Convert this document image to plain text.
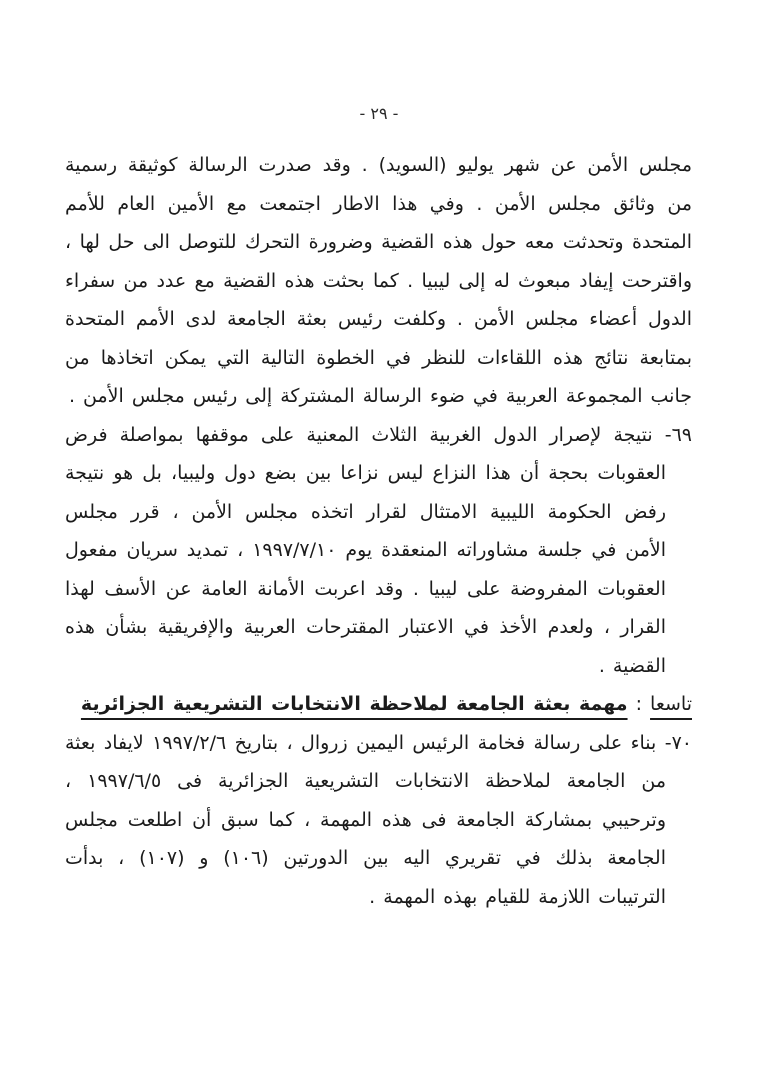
- ٢٩ -

مجلس الأمن عن شهر يوليو (السويد) . وقد صدرت الرسالة كوثيقة رسمية من وثائق مجلس الأمن . وفي هذا الاطار اجتمعت مع الأمين العام للأمم المتحدة وتحدثت معه حول هذه القضية وضرورة التحرك للتوصل الى حل لها ، واقترحت إيفاد مبعوث له إلى ليبيا . كما بحثت هذه القضية مع عدد من سفراء الدول أعضاء مجلس الأمن . وكلفت رئيس بعثة الجامعة لدى الأمم المتحدة بمتابعة نتائج هذه اللقاءات للنظر في الخطوة التالية التي يمكن اتخاذها من جانب المجموعة العربية في ضوء الرسالة المشتركة إلى رئيس مجلس الأمن .

٦٩- نتيجة لإصرار الدول الغربية الثلاث المعنية على موقفها بمواصلة فرض العقوبات بحجة أن هذا النزاع ليس نزاعا بين بضع دول وليبيا، بل هو نتيجة رفض الحكومة الليبية الامتثال لقرار اتخذه مجلس الأمن ، قرر مجلس الأمن في جلسة مشاوراته المنعقدة يوم ١٩٩٧/٧/١٠ ، تمديد سريان مفعول العقوبات المفروضة على ليبيا . وقد اعربت الأمانة العامة عن الأسف لهذا القرار ، ولعدم الأخذ في الاعتبار المقترحات العربية والإفريقية بشأن هذه القضية .

تاسعا : مهمة بعثة الجامعة لملاحظة الانتخابات التشريعية الجزائرية

٧٠- بناء على رسالة فخامة الرئيس اليمين زروال ، بتاريخ ١٩٩٧/٢/٦ لايفاد بعثة من الجامعة لملاحظة الانتخابات التشريعية الجزائرية فى ١٩٩٧/٦/٥ ، وترحيبي بمشاركة الجامعة فى هذه المهمة ، كما سبق أن اطلعت مجلس الجامعة بذلك في تقريري اليه بين الدورتين (١٠٦) و (١٠٧) ، بدأت الترتيبات اللازمة للقيام بهذه المهمة .
